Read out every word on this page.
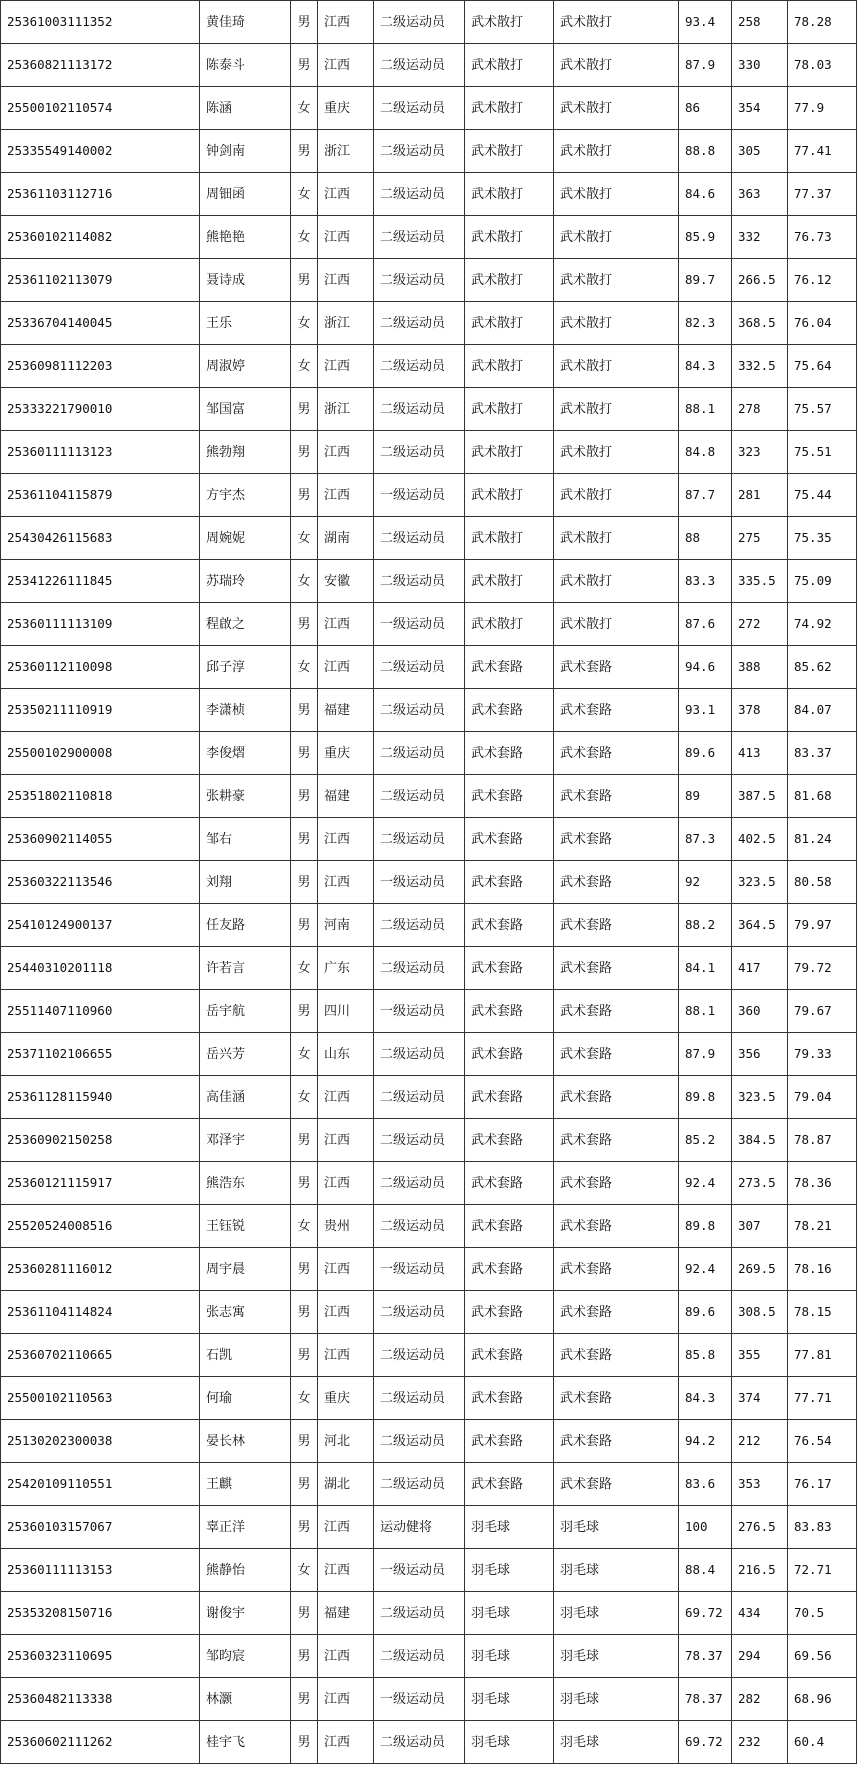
25361003111352	黄佳琦	男	江西	二级运动员	武术散打	武术散打	93.4	258	78.28
25360821113172	陈泰斗	男	江西	二级运动员	武术散打	武术散打	87.9	330	78.03
25500102110574	陈涵	女	重庆	二级运动员	武术散打	武术散打	86	354	77.9
25335549140002	钟剑南	男	浙江	二级运动员	武术散打	武术散打	88.8	305	77.41
25361103112716	周钿函	女	江西	二级运动员	武术散打	武术散打	84.6	363	77.37
25360102114082	熊艳艳	女	江西	二级运动员	武术散打	武术散打	85.9	332	76.73
25361102113079	聂诗成	男	江西	二级运动员	武术散打	武术散打	89.7	266.5	76.12
25336704140045	王乐	女	浙江	二级运动员	武术散打	武术散打	82.3	368.5	76.04
25360981112203	周淑婷	女	江西	二级运动员	武术散打	武术散打	84.3	332.5	75.64
25333221790010	邹国富	男	浙江	二级运动员	武术散打	武术散打	88.1	278	75.57
25360111113123	熊勃翔	男	江西	二级运动员	武术散打	武术散打	84.8	323	75.51
25361104115879	方宇杰	男	江西	一级运动员	武术散打	武术散打	87.7	281	75.44
25430426115683	周婉妮	女	湖南	二级运动员	武术散打	武术散打	88	275	75.35
25341226111845	苏瑞玲	女	安徽	二级运动员	武术散打	武术散打	83.3	335.5	75.09
25360111113109	程啟之	男	江西	一级运动员	武术散打	武术散打	87.6	272	74.92
25360112110098	邱子淳	女	江西	二级运动员	武术套路	武术套路	94.6	388	85.62
25350211110919	李潇桢	男	福建	二级运动员	武术套路	武术套路	93.1	378	84.07
25500102900008	李俊熠	男	重庆	二级运动员	武术套路	武术套路	89.6	413	83.37
25351802110818	张耕豪	男	福建	二级运动员	武术套路	武术套路	89	387.5	81.68
25360902114055	邹右	男	江西	二级运动员	武术套路	武术套路	87.3	402.5	81.24
25360322113546	刘翔	男	江西	一级运动员	武术套路	武术套路	92	323.5	80.58
25410124900137	任友路	男	河南	二级运动员	武术套路	武术套路	88.2	364.5	79.97
25440310201118	许若言	女	广东	二级运动员	武术套路	武术套路	84.1	417	79.72
25511407110960	岳宇航	男	四川	一级运动员	武术套路	武术套路	88.1	360	79.67
25371102106655	岳兴芳	女	山东	二级运动员	武术套路	武术套路	87.9	356	79.33
25361128115940	高佳涵	女	江西	二级运动员	武术套路	武术套路	89.8	323.5	79.04
25360902150258	邓泽宇	男	江西	二级运动员	武术套路	武术套路	85.2	384.5	78.87
25360121115917	熊浩东	男	江西	二级运动员	武术套路	武术套路	92.4	273.5	78.36
25520524008516	王钰锐	女	贵州	二级运动员	武术套路	武术套路	89.8	307	78.21
25360281116012	周宇晨	男	江西	一级运动员	武术套路	武术套路	92.4	269.5	78.16
25361104114824	张志寓	男	江西	二级运动员	武术套路	武术套路	89.6	308.5	78.15
25360702110665	石凯	男	江西	二级运动员	武术套路	武术套路	85.8	355	77.81
25500102110563	何瑜	女	重庆	二级运动员	武术套路	武术套路	84.3	374	77.71
25130202300038	晏长林	男	河北	二级运动员	武术套路	武术套路	94.2	212	76.54
25420109110551	王麒	男	湖北	二级运动员	武术套路	武术套路	83.6	353	76.17
25360103157067	辜正洋	男	江西	运动健将	羽毛球	羽毛球	100	276.5	83.83
25360111113153	熊静怡	女	江西	一级运动员	羽毛球	羽毛球	88.4	216.5	72.71
25353208150716	谢俊宇	男	福建	二级运动员	羽毛球	羽毛球	69.72	434	70.5
25360323110695	邹昀宸	男	江西	二级运动员	羽毛球	羽毛球	78.37	294	69.56
25360482113338	林灏	男	江西	一级运动员	羽毛球	羽毛球	78.37	282	68.96
25360602111262	桂宇飞	男	江西	二级运动员	羽毛球	羽毛球	69.72	232	60.4
